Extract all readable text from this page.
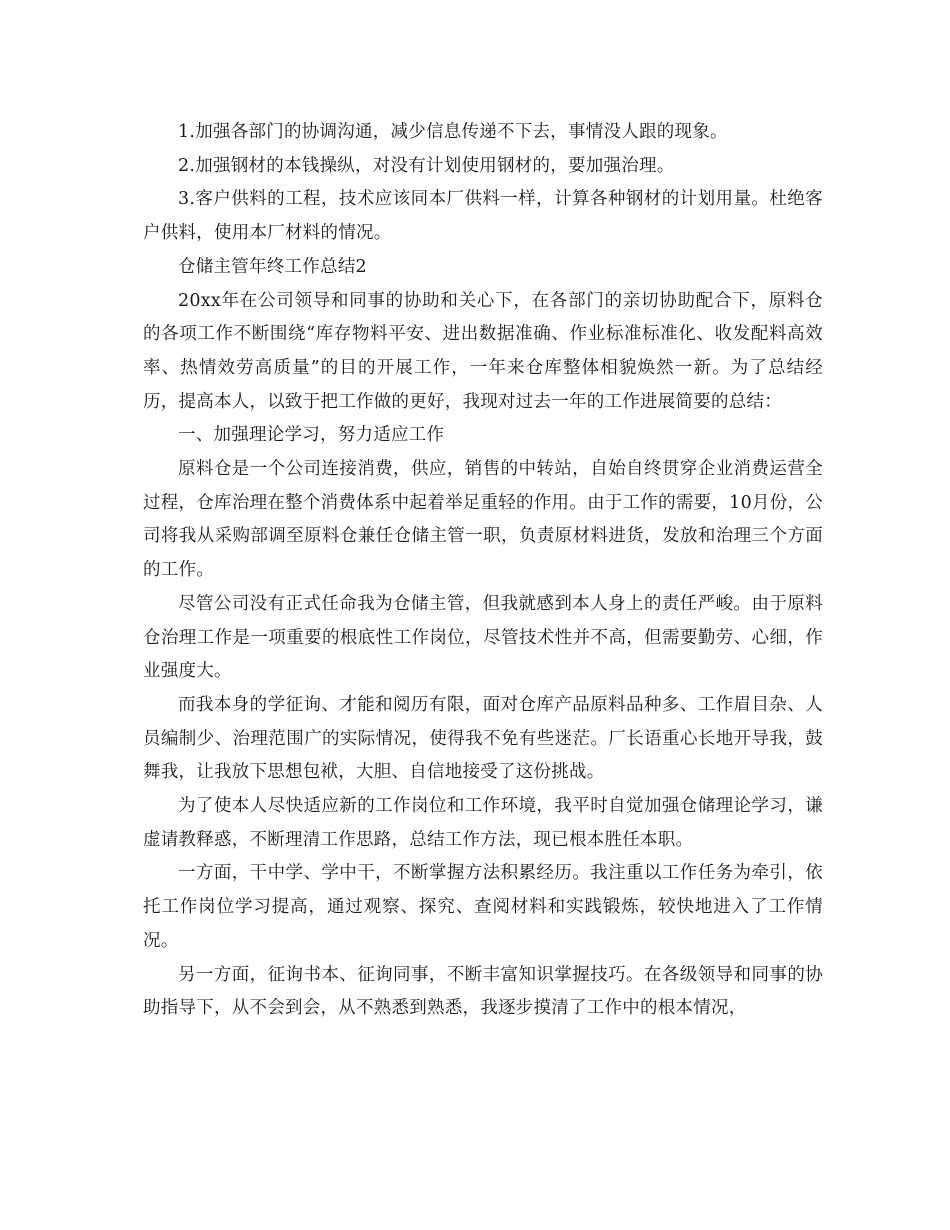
1.加强各部门的协调沟通，减少信息传递不下去，事情没人跟的现象。

2.加强钢材的本钱操纵，对没有计划使用钢材的，要加强治理。

3.客户供料的工程，技术应该同本厂供料一样，计算各种钢材的计划用量。杜绝客户供料，使用本厂材料的情况。

仓储主管年终工作总结2

20xx年在公司领导和同事的协助和关心下，在各部门的亲切协助配合下，原料仓的各项工作不断围绕“库存物料平安、进出数据准确、作业标准标准化、收发配料高效率、热情效劳高质量”的目的开展工作，一年来仓库整体相貌焕然一新。为了总结经历，提高本人，以致于把工作做的更好，我现对过去一年的工作进展简要的总结：

一、加强理论学习，努力适应工作

原料仓是一个公司连接消费，供应，销售的中转站，自始自终贯穿企业消费运营全过程，仓库治理在整个消费体系中起着举足重轻的作用。由于工作的需要，10月份，公司将我从采购部调至原料仓兼任仓储主管一职，负责原材料进货，发放和治理三个方面的工作。

尽管公司没有正式任命我为仓储主管，但我就感到本人身上的责任严峻。由于原料仓治理工作是一项重要的根底性工作岗位，尽管技术性并不高，但需要勤劳、心细，作业强度大。

而我本身的学征询、才能和阅历有限，面对仓库产品原料品种多、工作眉目杂、人员编制少、治理范围广的实际情况，使得我不免有些迷茫。厂长语重心长地开导我，鼓舞我，让我放下思想包袱，大胆、自信地接受了这份挑战。

为了使本人尽快适应新的工作岗位和工作环境，我平时自觉加强仓储理论学习，谦虚请教释惑，不断理清工作思路，总结工作方法，现已根本胜任本职。

一方面，干中学、学中干，不断掌握方法积累经历。我注重以工作任务为牵引，依托工作岗位学习提高，通过观察、探究、查阅材料和实践锻炼，较快地进入了工作情况。

另一方面，征询书本、征询同事，不断丰富知识掌握技巧。在各级领导和同事的协助指导下，从不会到会，从不熟悉到熟悉，我逐步摸清了工作中的根本情况，
